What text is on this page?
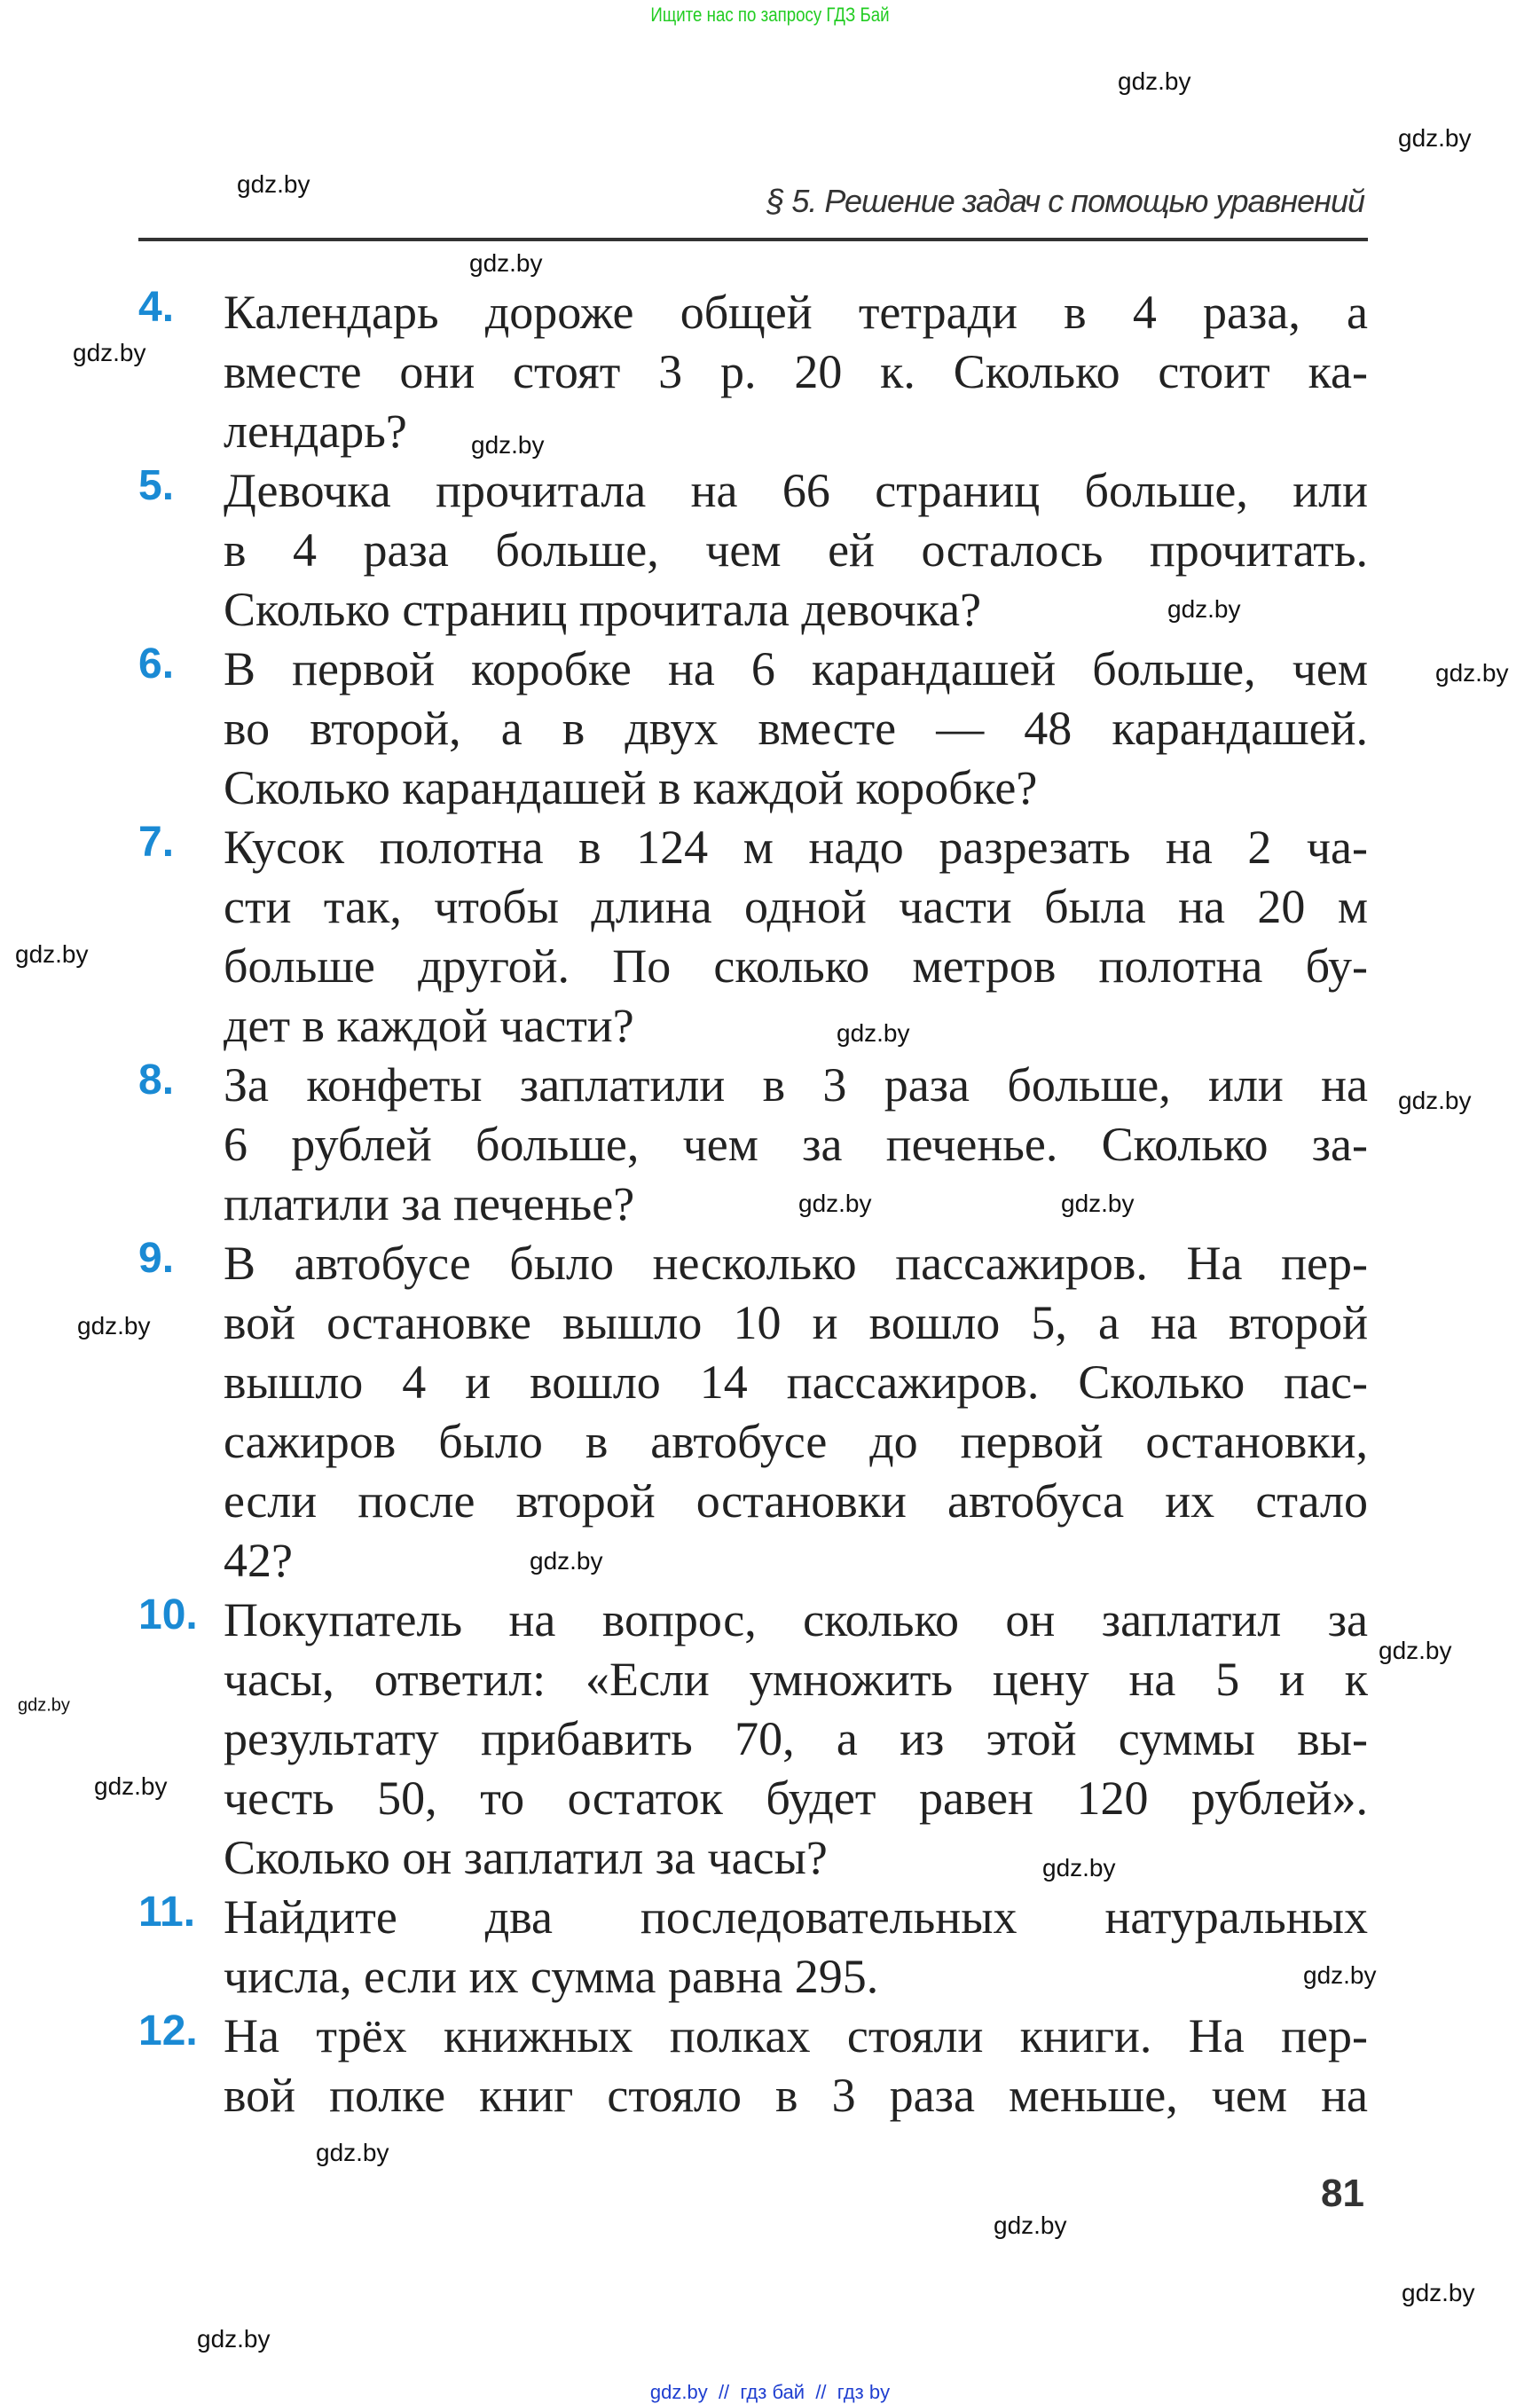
Ищите нас по запросу ГДЗ Бай
§ 5. Решение задач с помощью уравнений
4. Календарь дороже общей тетради в 4 раза, а
вместе они стоят 3 р. 20 к. Сколько стоит ка-
лендарь?
5. Девочка прочитала на 66 страниц больше, или
в 4 раза больше, чем ей осталось прочитать.
Сколько страниц прочитала девочка?
6. В первой коробке на 6 карандашей больше, чем
во второй, а в двух вместе — 48 карандашей.
Сколько карандашей в каждой коробке?
7. Кусок полотна в 124 м надо разрезать на 2 ча-
сти так, чтобы длина одной части была на 20 м
больше другой. По сколько метров полотна бу-
дет в каждой части?
8. За конфеты заплатили в 3 раза больше, или на
6 рублей больше, чем за печенье. Сколько за-
платили за печенье?
9. В автобусе было несколько пассажиров. На пер-
вой остановке вышло 10 и вошло 5, а на второй
вышло 4 и вошло 14 пассажиров. Сколько пас-
сажиров было в автобусе до первой остановки,
если после второй остановки автобуса их стало
42?
10. Покупатель на вопрос, сколько он заплатил за
часы, ответил: «Если умножить цену на 5 и к
результату прибавить 70, а из этой суммы вы-
честь 50, то остаток будет равен 120 рублей».
Сколько он заплатил за часы?
11. Найдите два последовательных натуральных
числа, если их сумма равна 295.
12. На трёх книжных полках стояли книги. На пер-
вой полке книг стояло в 3 раза меньше, чем на
81
gdz.by
gdz.by
gdz.by
gdz.by
gdz.by
gdz.by
gdz.by
gdz.by
gdz.by
gdz.by
gdz.by
gdz.by	gdz.by
gdz.by
gdz.by
gdz.by
gdz.by
gdz.by
gdz.by
gdz.by
gdz.by
gdz.by
gdz.by
gdz.by
gdz.by  //  гдз бай  //  гдз by
